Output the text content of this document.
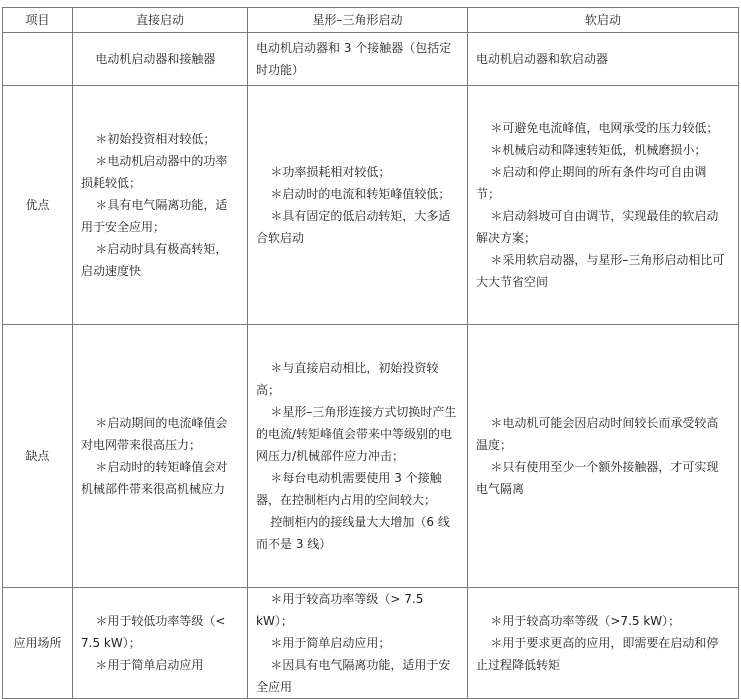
项目	直接启动	星形–三角形启动	软启动

	电动机启动器和接触器	电动机启动器和 3 个接触器（包括定时功能）	电动机启动器和软启动器
优点	＊初始投资相对较低；
＊电动机启动器中的功率损耗较低；
＊具有电气隔离功能，适用于安全应用；
＊启动时具有极高转矩，启动速度快	＊功率损耗相对较低；
＊启动时的电流和转矩峰值较低；
＊具有固定的低启动转矩，大多适合软启动	＊可避免电流峰值，电网承受的压力较低；
＊机械启动和降速转矩低，机械磨损小；
＊启动和停止期间的所有条件均可自由调节；
＊启动斜坡可自由调节，实现最佳的软启动解决方案；
＊采用软启动器，与星形–三角形启动相比可大大节省空间

缺点	＊启动期间的电流峰值会对电网带来很高压力；
＊启动时的转矩峰值会对机械部件带来很高机械应力	＊与直接启动相比，初始投资较高；
＊星形–三角形连接方式切换时产生的电流/转矩峰值会带来中等级别的电网压力/机械部件应力冲击；
＊每台电动机需要使用 3 个接触器，在控制柜内占用的空间较大；
控制柜内的接线量大大增加（6 线而不是 3 线）	＊电动机可能会因启动时间较长而承受较高温度；
＊只有使用至少一个额外接触器，才可实现电气隔离

应用场所	＊用于较低功率等级（< 7.5 kW）；
＊用于简单启动应用	＊用于较高功率等级（> 7.5 kW）；
＊用于简单启动应用；
＊因具有电气隔离功能，适用于安全应用	＊用于较高功率等级（>7.5 kW）；
＊用于要求更高的应用，即需要在启动和停止过程降低转矩
